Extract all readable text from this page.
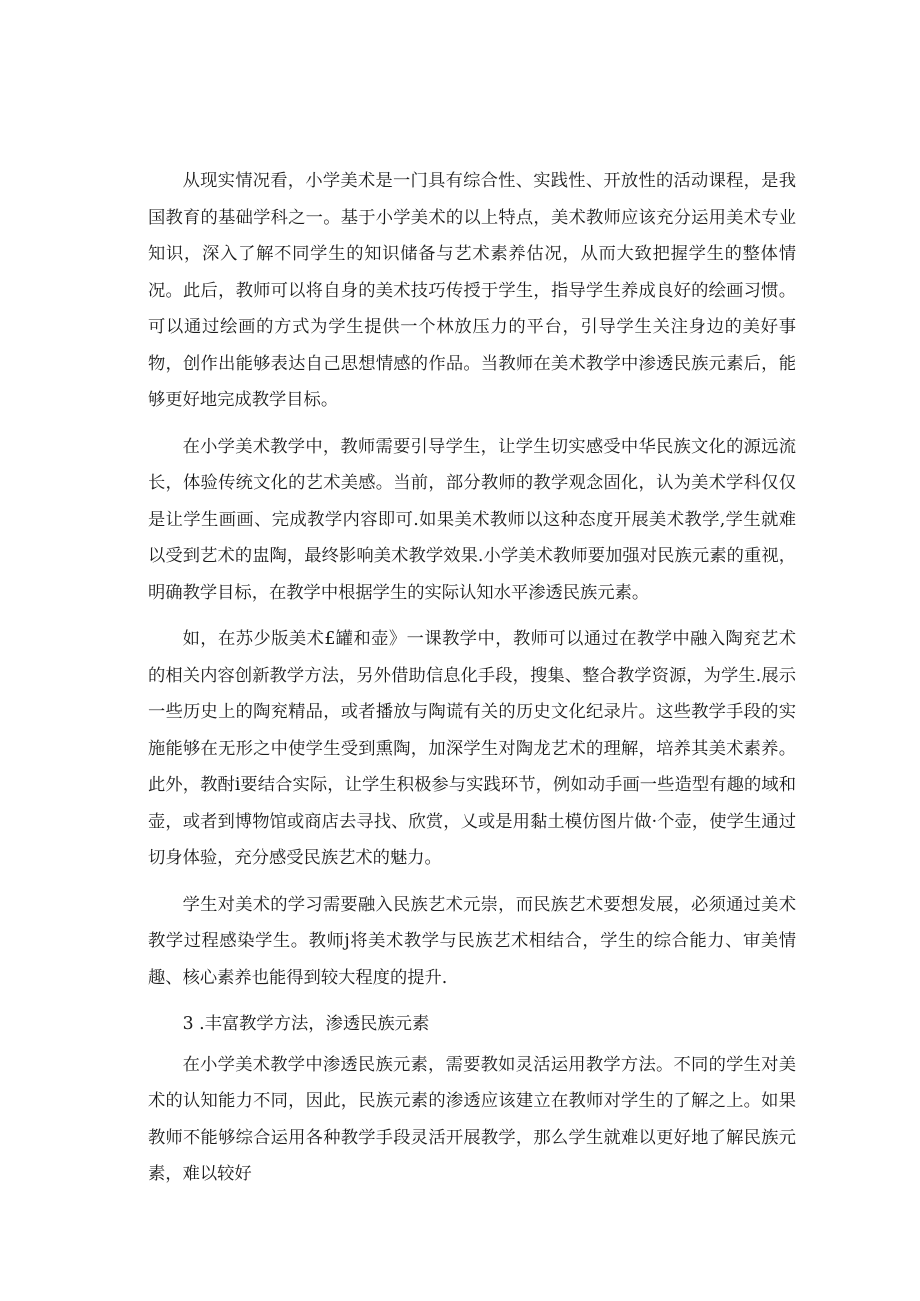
从现实情况看，小学美术是一门具有综合性、实践性、开放性的活动课程，是我国教育的基础学科之一。基于小学美术的以上特点，美术教师应该充分运用美术专业知识，深入了解不同学生的知识储备与艺术素养估况，从而大致把握学生的整体情况。此后，教师可以将自身的美术技巧传授于学生，指导学生养成良好的绘画习惯。可以通过绘画的方式为学生提供一个林放压力的平台，引导学生关注身边的美好事物，创作出能够表达自己思想情感的作品。当教师在美术教学中渗透民族元素后，能够更好地完成教学目标。

在小学美术教学中，教师需要引导学生，让学生切实感受中华民族文化的源远流长，体验传统文化的艺术美感。当前，部分教师的教学观念固化，认为美术学科仅仅是让学生画画、完成教学内容即可.如果美术教师以这种态度开展美术教学,学生就难以受到艺术的盅陶，最终影响美术教学效果.小学美术教师要加强对民族元素的重视，明确教学目标，在教学中根据学生的实际认知水平渗透民族元素。

如，在苏少版美术£罐和壶》一课教学中，教师可以通过在教学中融入陶兖艺术的相关内容创新教学方法，另外借助信息化手段，搜集、整合教学资源，为学生.展示一些历史上的陶兖精品，或者播放与陶谎有关的历史文化纪录片。这些教学手段的实施能够在无形之中使学生受到熏陶，加深学生对陶龙艺术的理解，培养其美术素养。此外，教酎i要结合实际，让学生积极参与实践环节，例如动手画一些造型有趣的域和壶，或者到博物馆或商店去寻找、欣赏，乂或是用黏土模仿图片做·个壶，使学生通过切身体验，充分感受民族艺术的魅力。

学生对美术的学习需要融入民族艺术元崇，而民族艺术要想发展，必须通过美术教学过程感染学生。教师j将美术教学与民族艺术相结合，学生的综合能力、审美情趣、核心素养也能得到较大程度的提升.

3 .丰富教学方法，渗透民族元素

在小学美术教学中渗透民族元素，需要教如灵活运用教学方法。不同的学生对美术的认知能力不同，因此，民族元素的渗透应该建立在教师对学生的了解之上。如果教师不能够综合运用各种教学手段灵活开展教学，那么学生就难以更好地了解民族元素，难以较好
